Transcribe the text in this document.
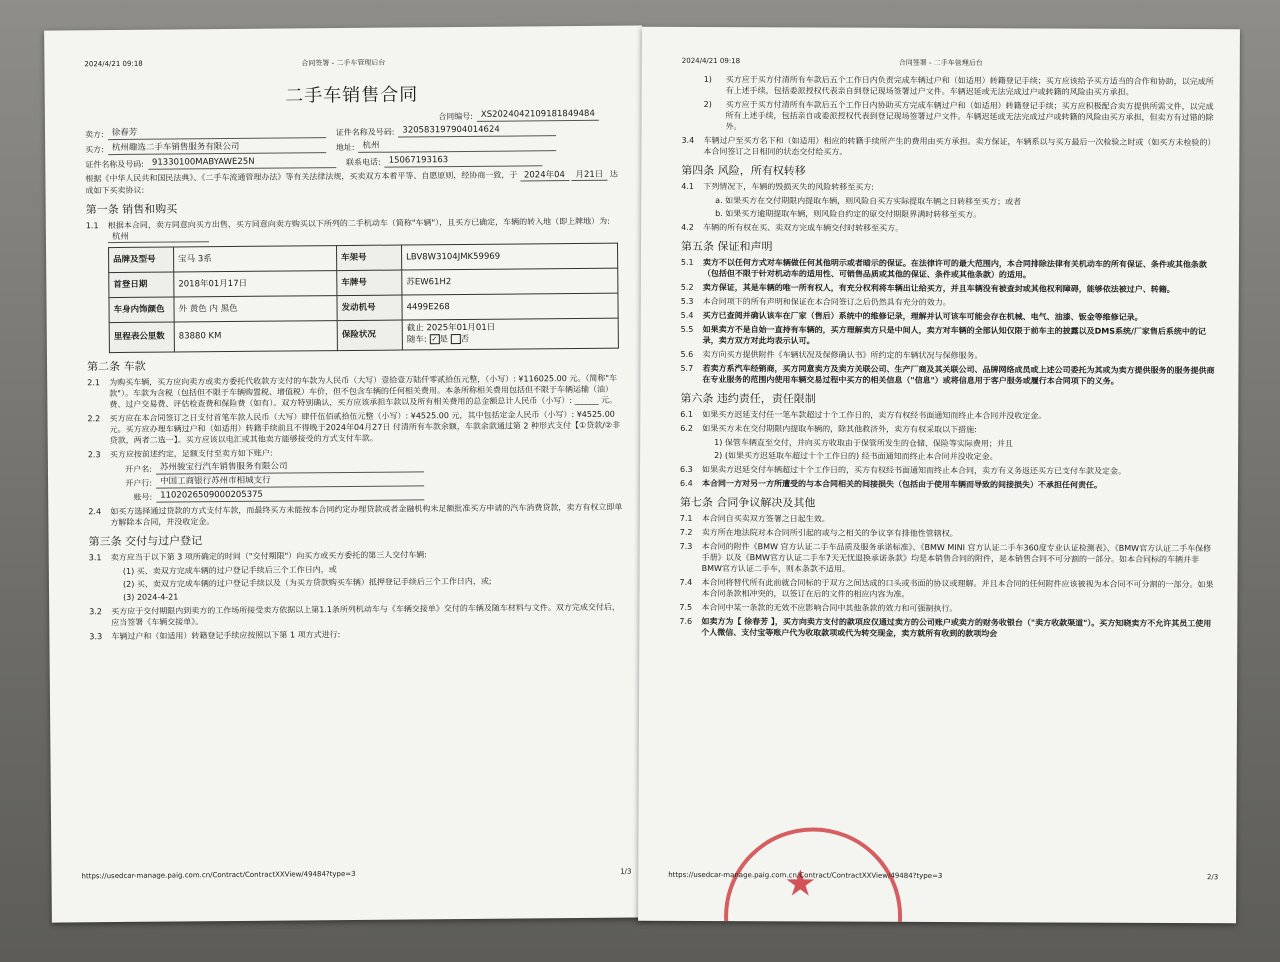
2024/4/21 09:18	合同签署 - 二手车管理后台
二手车销售合同
合同编号: XS2024042109181849484
卖方: 徐春芳	证件名称及号码: 320583197904014624
买方: 杭州趣选二手车销售服务有限公司	地址: 杭州
证件名称及号码: 91330100MABYAWE25N	联系电话: 15067193163
根据《中华人民共和国民法典》、《二手车流通管理办法》等有关法律法规，买卖双方本着平等、自愿原则，经协商一致，于 2024年04 月21日 达成如下买卖协议:
第一条 销售和购买
1.1	根据本合同，卖方同意向买方出售、买方同意向卖方购买以下所列的二手机动车（简称"车辆"），且买方已确定，车辆的转入地（即上牌地）为: 杭州
品牌及型号	宝马 3系	车架号	LBV8W3104JMK59969
首登日期	2018年01月17日	车牌号	苏EW61H2
车身内饰颜色	外 黄色 内 黑色	发动机号	4499E268
里程表公里数	83880 KM	保险状况	截止 2025年01月01日
随车: ✓ 是 否
第二条 车款
2.1	为购买车辆，买方应向卖方或卖方委托代收款方支付的车款为人民币（大写）壹拾壹万陆仟零贰拾伍元整，（小写）: ¥116025.00 元。（简称"车款"）。车款为含税（包括但不限于车辆购置税、增值税）车价，但不包含车辆的任何相关费用。本条所称相关费用包括但不限于车辆运输（油）费、过户交易费、评估检查费和保险费（如有）。双方特别确认，买方应该承担车款以及所有相关费用的总金额总计人民币（小写）: ______ 元。
2.2	买方应在本合同签订之日支付首笔车款人民币（大写）肆仟伍佰贰拾伍元整（小写）: ¥4525.00 元，其中包括定金人民币（小写）: ¥4525.00 元。买方应办理车辆过户和（如适用）转籍手续前且不得晚于2024年04月27日 付清所有车款余额，车款余款通过第 2 种形式支付【①贷款/②非贷款，两者二选一】。买方应该以电汇或其他卖方能够接受的方式支付车款。
2.3	买方应按前述约定，足额支付至卖方如下账户:
开户名: 苏州骏宝行汽车销售服务有限公司
开户行: 中国工商银行苏州市相城支行
账号: 1102026509000205375
2.4	如买方选择通过贷款的方式支付车款，而最终买方未能按本合同约定办理贷款或者金融机构未足额批准买方申请的汽车消费贷款，卖方有权立即单方解除本合同，并没收定金。
第三条 交付与过户登记
3.1	卖方应当于以下第 3 项所确定的时间（"交付期限"）向买方或买方委托的第三人交付车辆:
(1) 买、卖双方完成车辆的过户登记手续后三个工作日内，或
(2) 买、卖双方完成车辆的过户登记手续以及（为买方贷款购买车辆）抵押登记手续后三个工作日内，或;
(3) 2024-4-21
3.2	买方应于交付期限内到卖方的工作场所接受卖方依据以上第1.1条所列机动车与《车辆交接单》交付的车辆及随车材料与文件。双方完成交付后，应当签署《车辆交接单》。
3.3	车辆过户和（如适用）转籍登记手续应按照以下第 1 项方式进行:
https://usedcar-manage.paig.com.cn/Contract/ContractXXView/49484?type=3	1/3
2024/4/21 09:18	合同签署 - 二手车管理后台
1)	买方应于买方付清所有车款后五个工作日内负责完成车辆过户和（如适用）转籍登记手续；买方应该给予买方适当的合作和协助，以完成所有上述手续，包括委派授权代表亲自到登记现场签署过户文件。车辆迟延或无法完成过户或转籍的风险由买方承担。
2)	买方应于买方付清所有车款后五个工作日内协助买方完成车辆过户和（如适用）转籍登记手续；买方应积极配合卖方提供所需文件，以完成所有上述手续，包括亲自或委派授权代表到登记现场签署过户文件。车辆迟延或无法完成过户或转籍的风险由买方承担，但卖方有过错的除外。
3.4	车辆过户至买方名下和（如适用）相应的转籍手续所产生的费用由买方承担。卖方保证，车辆系以与买方最后一次检验之时或（如买方未检验的）本合同签订之日相同的状态交付给买方。
第四条 风险，所有权转移
4.1	下列情况下，车辆的毁损灭失的风险转移至买方:
a. 如果买方在交付期限内提取车辆，则风险自买方实际提取车辆之日转移至买方；或者
b. 如果买方逾期提取车辆，则风险自约定的原交付期限界满时转移至买方。
4.2	车辆的所有权在买、卖双方完成车辆交付时转移至买方。
第五条 保证和声明
5.1	卖方不以任何方式对车辆做任何其他明示或者暗示的保证。在法律许可的最大范围内，本合同排除法律有关机动车的所有保证、条件或其他条款（包括但不限于针对机动车的适用性、可销售品质或其他的保证、条件或其他条款）的适用。
5.2	卖方保证，其是车辆的唯一所有权人，有充分权利将车辆出让给买方，并且车辆没有被查封或其他权利障碍，能够依法被过户、转籍。
5.3	本合同项下的所有声明和保证在本合同签订之后仍然具有充分的效力。
5.4	买方已查阅并确认该车在厂家（售后）系统中的维修记录，理解并认可该车可能会存在机械、电气、油漆、钣金等维修记录。
5.5	如果卖方不是自始一直持有车辆的，买方理解卖方只是中间人，卖方对车辆的全部认知仅限于前车主的披露以及DMS系统/厂家售后系统中的记录，卖方双方对此均表示认可。
5.6	卖方向买方提供附件《车辆状况及保修确认书》所约定的车辆状况与保修服务。
5.7	若卖方系汽车经销商，买方同意卖方及卖方关联公司、生产厂商及其关联公司、品牌网络成员或上述公司委托为其或为卖方提供服务的服务提供商在专业服务的范围内使用车辆交易过程中买方的相关信息（"信息"）或将信息用于客户服务或履行本合同项下的义务。
第六条 违约责任，责任限制
6.1	如果买方迟延支付任一笔车款超过十个工作日的，卖方有权经书面通知而终止本合同并没收定金。
6.2	如果买方未在交付期限内提取车辆的，除其他救济外，卖方有权采取以下措施:
1) 保管车辆直至交付，并向买方收取由于保管所发生的仓储、保险等实际费用；并且
2) (如果买方迟延取车超过十个工作日的) 经书面通知而终止本合同并没收定金。
6.3	如果卖方迟延交付车辆超过十个工作日的，买方有权经书面通知而终止本合同，卖方有义务返还买方已支付车款及定金。
6.4	本合同一方对另一方所遭受的与本合同相关的间接损失（包括由于使用车辆而导致的间接损失）不承担任何责任。
第七条 合同争议解决及其他
7.1	本合同自买卖双方签署之日起生效。
7.2	卖方所在地法院对本合同所引起的或与之相关的争议享有排他性管辖权。
7.3	本合同的附件《BMW 官方认证二手车品质及服务承诺标准》、《BMW MINI 官方认证二手车360度专业认证检测表》、《BMW官方认证二手车保修手册》以及《BMW官方认证二手车7天无忧退换承诺条款》均是本销售合同的附件，是本销售合同不可分割的一部分。如本合同标的车辆并非BMW官方认证二手车，则本条款不适用。
7.4	本合同将替代所有此前就合同标的于双方之间达成的口头或书面的协议或理解。并且本合同的任何附件应该被视为本合同不可分割的一部分。如果本合同条款相冲突的，以签订在后的文件的相应内容为准。
7.5	本合同中某一条款的无效不应影响合同中其他条款的效力和可强制执行。
7.6	如卖方为【 徐春芳 】，买方向卖方支付的款项应仅通过卖方的公司账户或卖方的财务收银台（"卖方收款渠道"）。买方知晓卖方不允许其员工使用个人微信、支付宝等账户代为收取款项或代为转交现金，卖方就所有收到的款项均会
★
https://usedcar-manage.paig.com.cn/Contract/ContractXXView/49484?type=3	2/3
